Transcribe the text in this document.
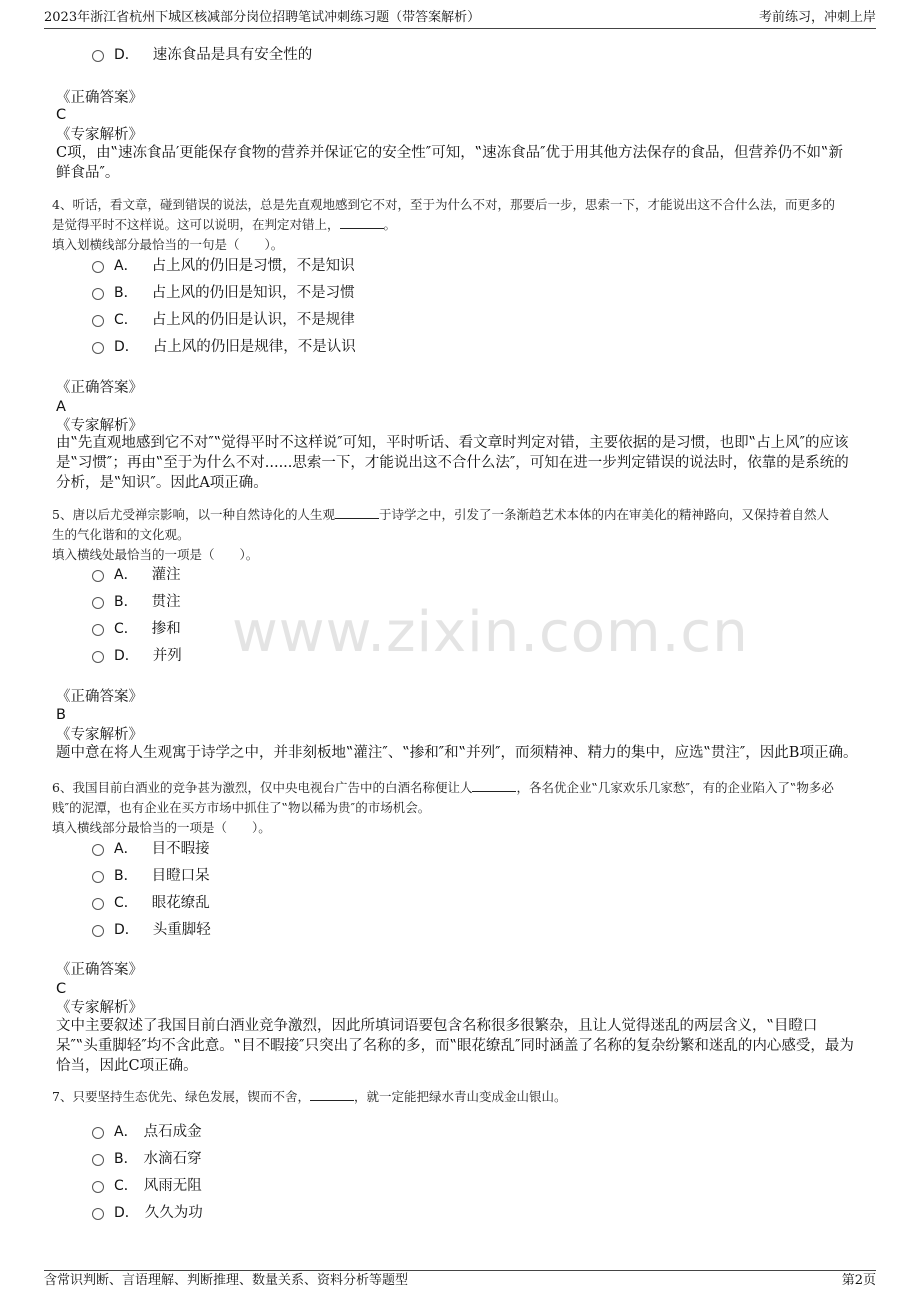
2023年浙江省杭州下城区核减部分岗位招聘笔试冲刺练习题（带答案解析）	考前练习，冲刺上岸
www.zixin.com.cn
D． 速冻食品是具有安全性的
《正确答案》
C
《专家解析》
C项，由‟速冻食品′更能保存食物的营养并保证它的安全性″可知，‟速冻食品″优于用其他方法保存的食品，但营养仍不如‟新
鲜食品″。
4、听话，看文章，碰到错误的说法，总是先直观地感到它不对，至于为什么不对，那要后一步，思索一下，才能说出这不合什么法，而更多的
是觉得平时不这样说。这可以说明，在判定对错上，	。
填入划横线部分最恰当的一句是（　　）。
A． 占上风的仍旧是习惯，不是知识
B． 占上风的仍旧是知识，不是习惯
C． 占上风的仍旧是认识，不是规律
D． 占上风的仍旧是规律，不是认识
《正确答案》
A
《专家解析》
由‟先直观地感到它不对″‟觉得平时不这样说″可知，平时听话、看文章时判定对错，主要依据的是习惯，也即‟占上风″的应该
是‟习惯″；再由‟至于为什么不对......思索一下，才能说出这不合什么法″，可知在进一步判定错误的说法时，依靠的是系统的
分析，是‟知识″。因此A项正确。
5、唐以后尤受禅宗影响，以一种自然诗化的人生观	于诗学之中，引发了一条渐趋艺术本体的内在审美化的精神路向，又保持着自然人
生的气化谐和的文化观。
填入横线处最恰当的一项是（　　）。
A． 灌注
B． 贯注
C． 掺和
D． 并列
《正确答案》
B
《专家解析》
题中意在将人生观寓于诗学之中，并非刻板地‟灌注″、‟掺和″和‟并列″，而须精神、精力的集中，应选‟贯注″，因此B项正确。
6、我国目前白酒业的竞争甚为激烈，仅中央电视台广告中的白酒名称便让人	，各名优企业‟几家欢乐几家愁″，有的企业陷入了‟物多必
贱″的泥潭，也有企业在买方市场中抓住了‟物以稀为贵″的市场机会。
填入横线部分最恰当的一项是（　　）。
A． 目不暇接
B． 目瞪口呆
C． 眼花缭乱
D． 头重脚轻
《正确答案》
C
《专家解析》
文中主要叙述了我国目前白酒业竞争激烈，因此所填词语要包含名称很多很繁杂，且让人觉得迷乱的两层含义，‟目瞪口
呆″‟头重脚轻″均不含此意。‟目不暇接″只突出了名称的多，而‟眼花缭乱″同时涵盖了名称的复杂纷繁和迷乱的内心感受，最为
恰当，因此C项正确。
7、只要坚持生态优先、绿色发展，锲而不舍，	，就一定能把绿水青山变成金山银山。
A． 点石成金
B． 水滴石穿
C． 风雨无阻
D． 久久为功
含常识判断、言语理解、判断推理、数量关系、资料分析等题型	第2页
